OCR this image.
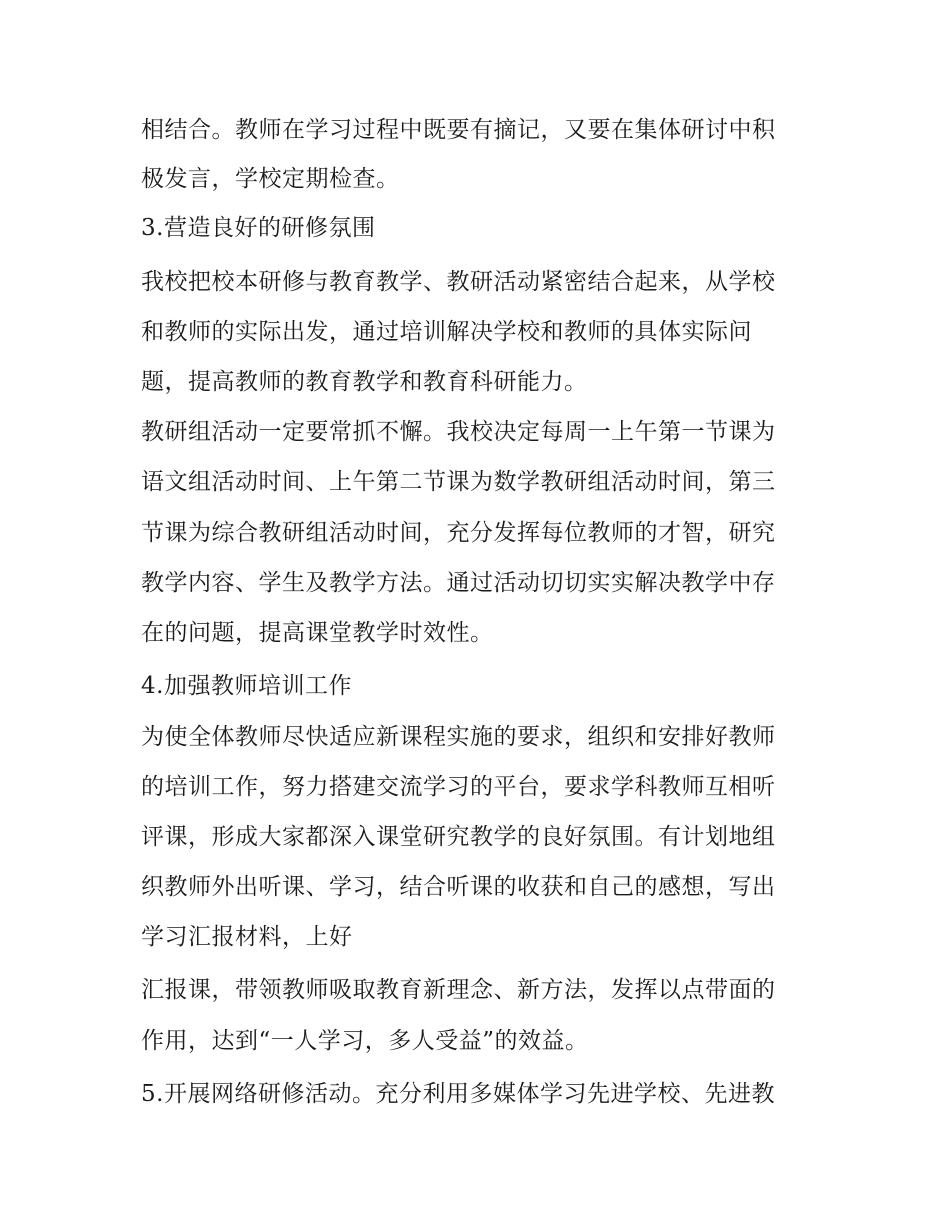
相结合。教师在学习过程中既要有摘记，又要在集体研讨中积
极发言，学校定期检查。
3.营造良好的研修氛围
我校把校本研修与教育教学、教研活动紧密结合起来，从学校
和教师的实际出发，通过培训解决学校和教师的具体实际问
题，提高教师的教育教学和教育科研能力。
教研组活动一定要常抓不懈。我校决定每周一上午第一节课为
语文组活动时间、上午第二节课为数学教研组活动时间，第三
节课为综合教研组活动时间，充分发挥每位教师的才智，研究
教学内容、学生及教学方法。通过活动切切实实解决教学中存
在的问题，提高课堂教学时效性。
4.加强教师培训工作
为使全体教师尽快适应新课程实施的要求，组织和安排好教师
的培训工作，努力搭建交流学习的平台，要求学科教师互相听
评课，形成大家都深入课堂研究教学的良好氛围。有计划地组
织教师外出听课、学习，结合听课的收获和自己的感想，写出
学习汇报材料，上好
汇报课，带领教师吸取教育新理念、新方法，发挥以点带面的
作用，达到“一人学习，多人受益”的效益。
5.开展网络研修活动。充分利用多媒体学习先进学校、先进教
